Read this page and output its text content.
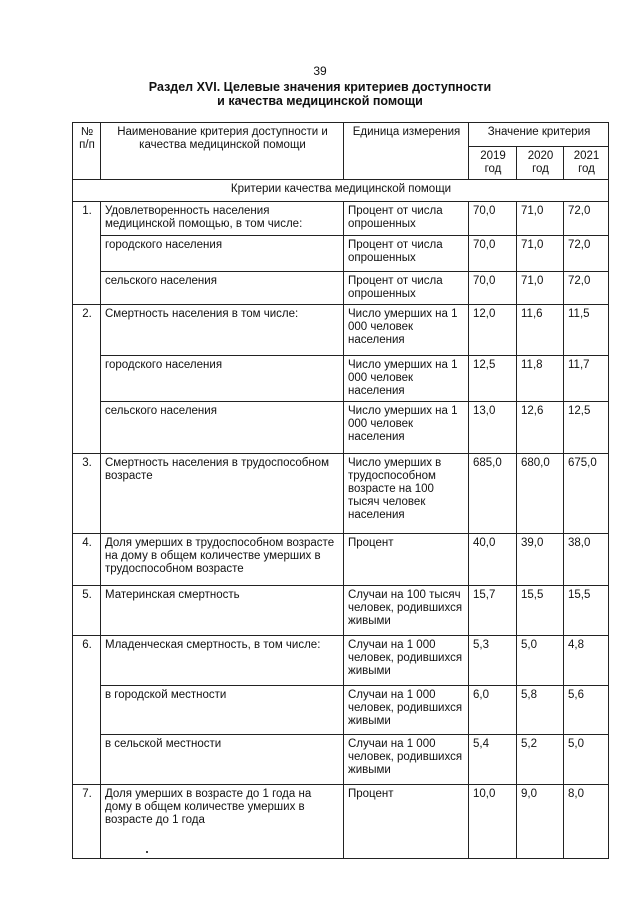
39
Раздел XVI. Целевые значения критериев доступности
и качества медицинской помощи
№ п/п	Наименование критерия доступности и качества медицинской помощи	Единица измерения	Значение критерия		
			2019 год	2020 год	2021 год
Критерии качества медицинской помощи					
1.	Удовлетворенность населения медицинской помощью, в том числе:	Процент от числа опрошенных	70,0	71,0	72,0
	городского населения	Процент от числа опрошенных	70,0	71,0	72,0
	сельского населения	Процент от числа опрошенных	70,0	71,0	72,0
2.	Смертность населения в том числе:	Число умерших на 1 000 человек населения	12,0	11,6	11,5
	городского населения	Число умерших на 1 000 человек населения	12,5	11,8	11,7
	сельского населения	Число умерших на 1 000 человек населения	13,0	12,6	12,5
3.	Смертность населения в трудоспособном возрасте	Число умерших в трудоспособном возрасте на 100 тысяч человек населения	685,0	680,0	675,0
4.	Доля умерших в трудоспособном возрасте на дому в общем количестве умерших в трудоспособном возрасте	Процент	40,0	39,0	38,0
5.	Материнская смертность	Случаи на 100 тысяч человек, родившихся живыми	15,7	15,5	15,5
6.	Младенческая смертность, в том числе:	Случаи на 1 000 человек, родившихся живыми	5,3	5,0	4,8
	в городской местности	Случаи на 1 000 человек, родившихся живыми	6,0	5,8	5,6
	в сельской местности	Случаи на 1 000 человек, родившихся живыми	5,4	5,2	5,0
7.	Доля умерших в возрасте до 1 года на дому в общем количестве умерших в возрасте до 1 года	Процент	10,0	9,0	8,0
